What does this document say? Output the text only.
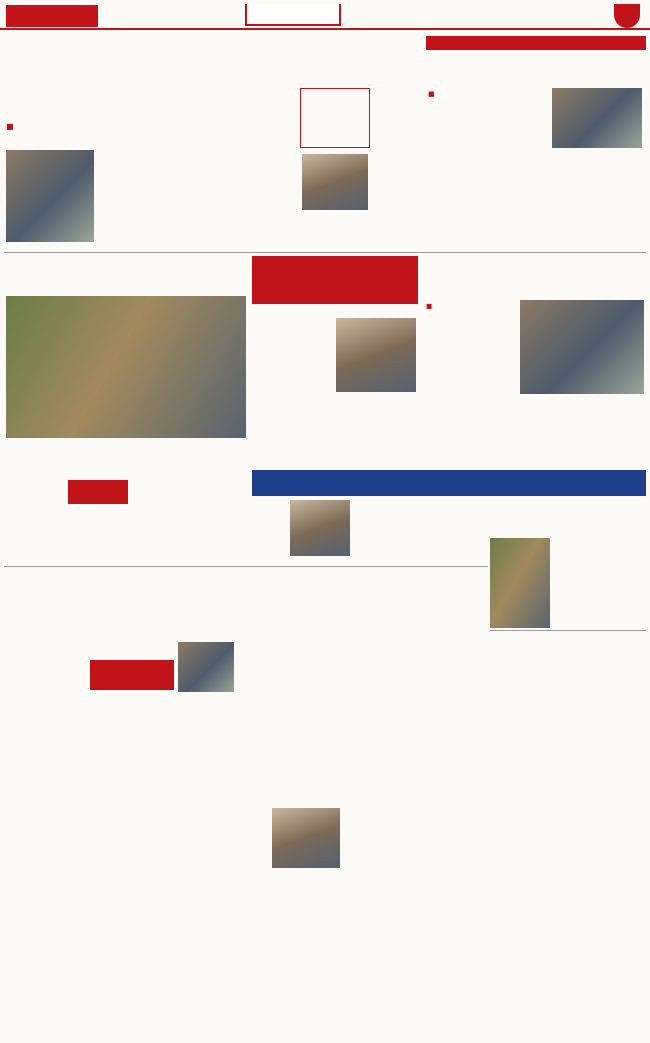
■

■

■
